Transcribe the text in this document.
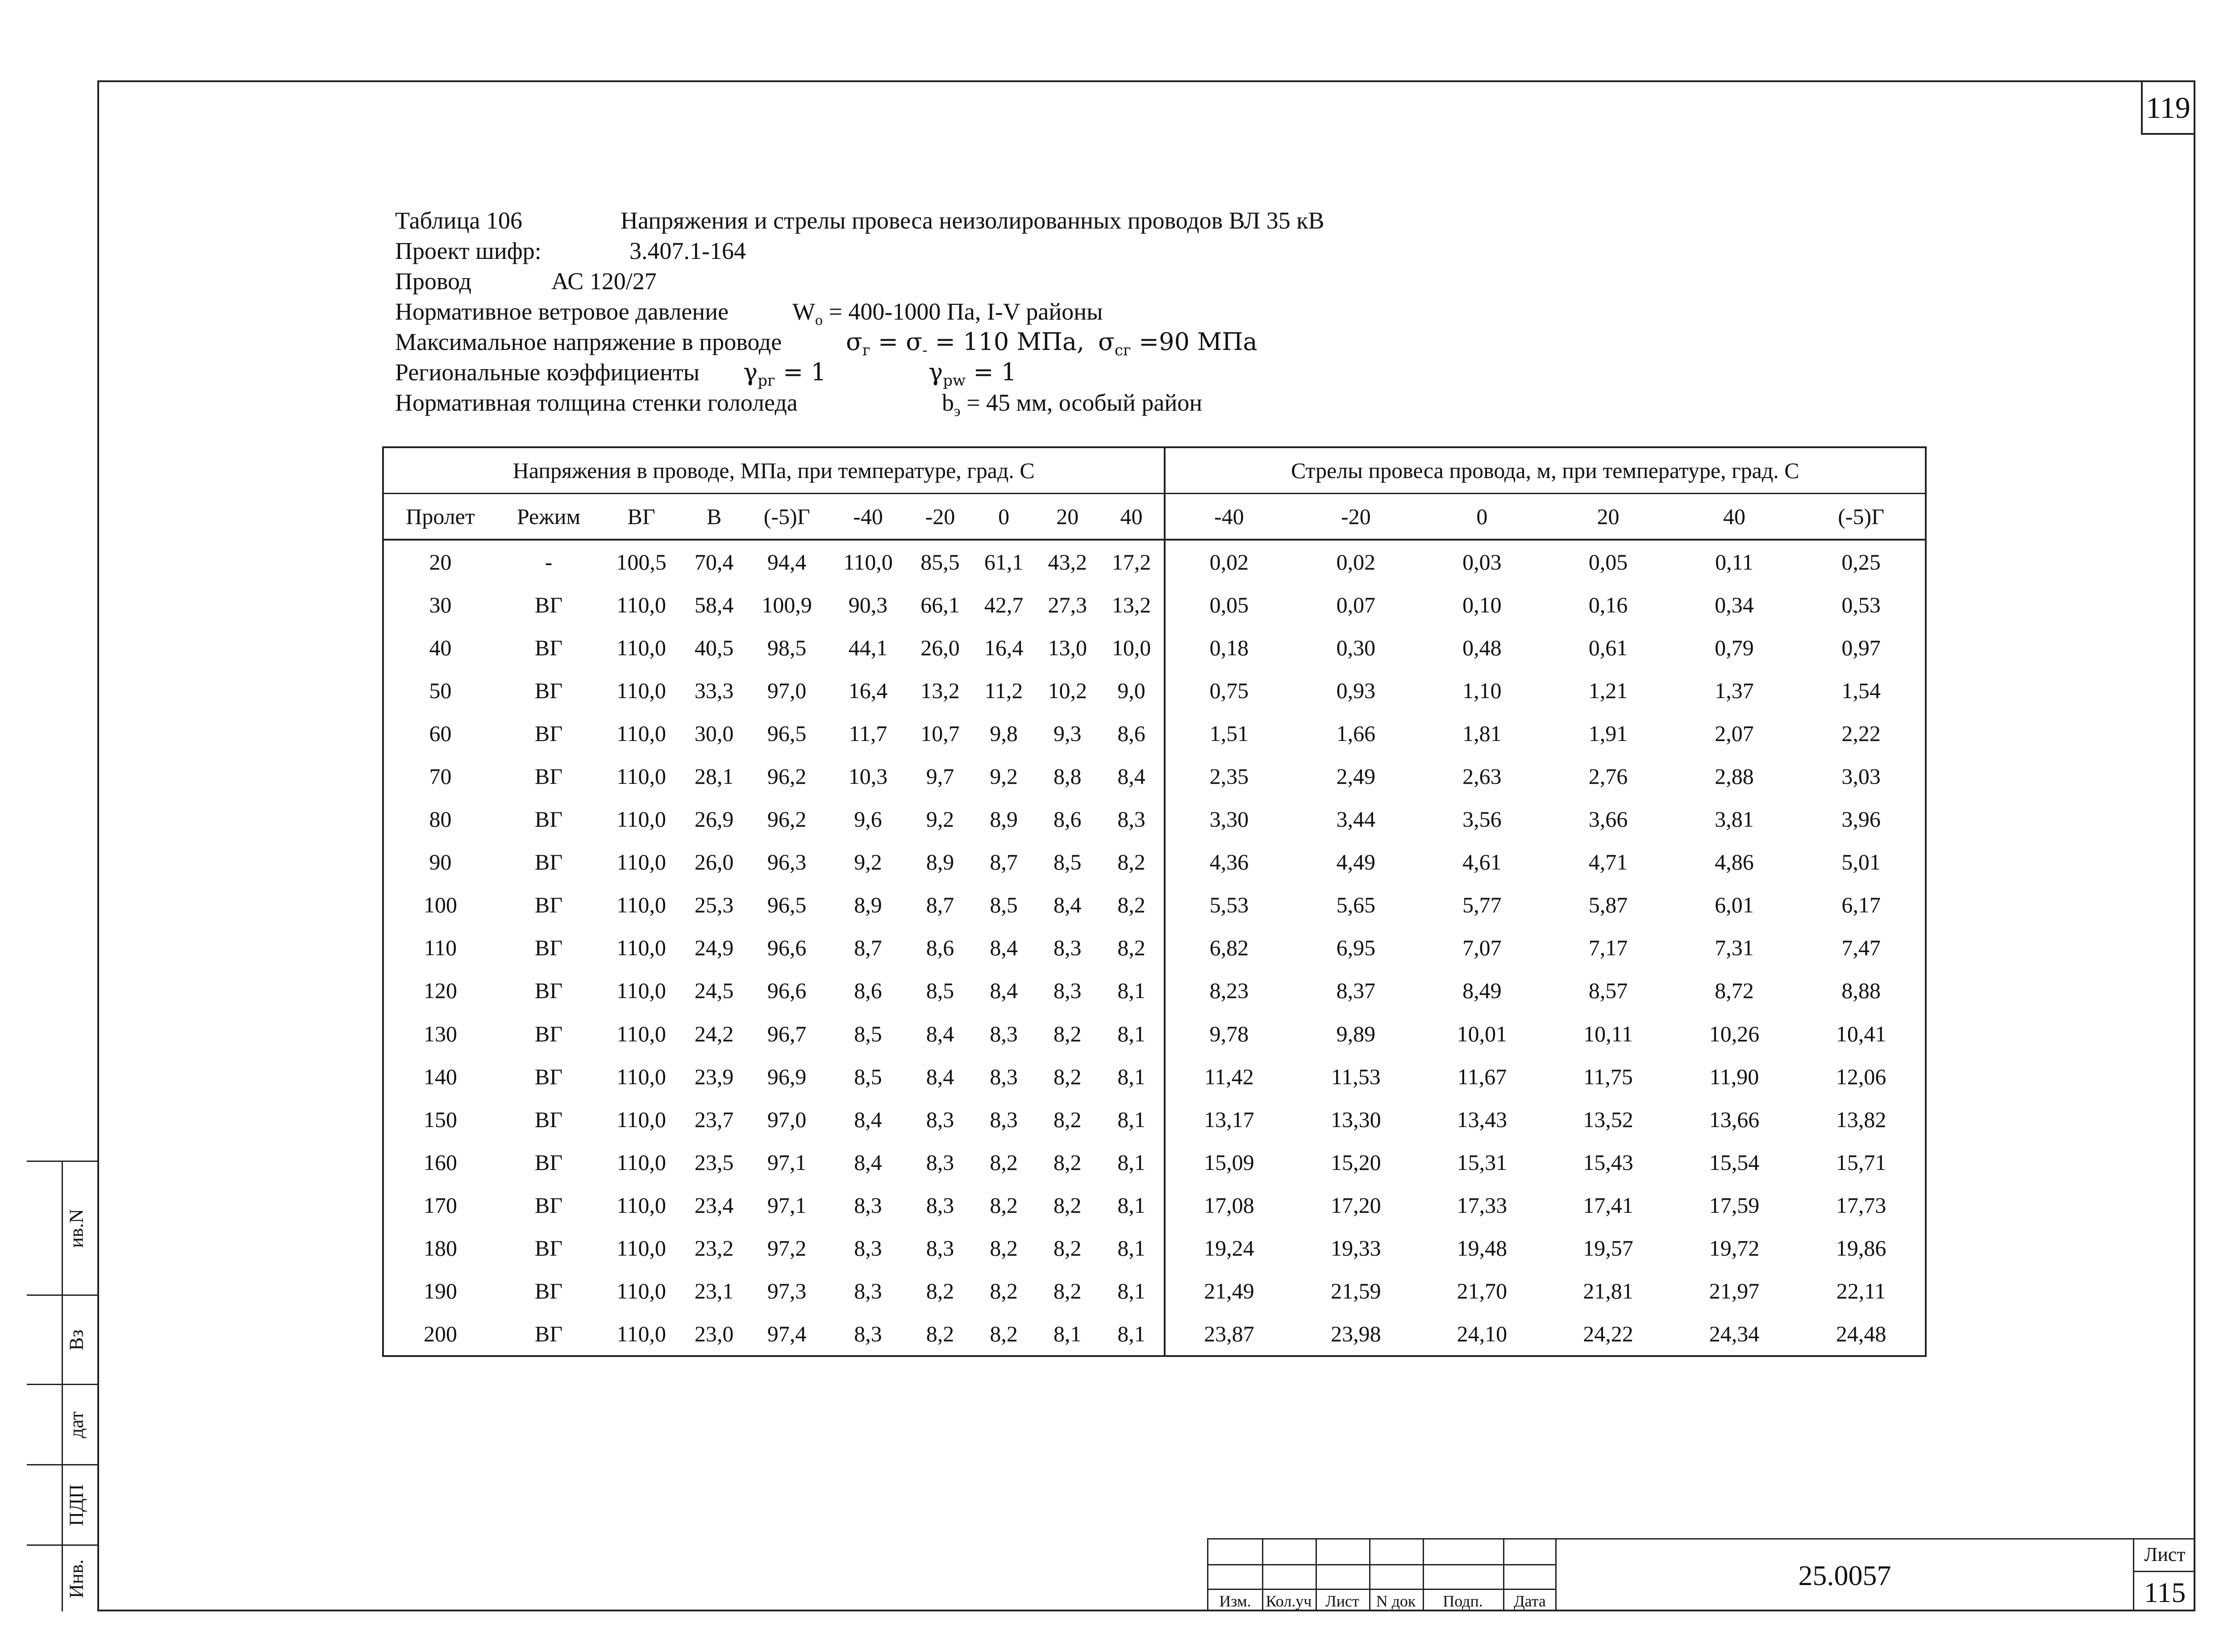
119
Таблица 106	Напряжения и стрелы провеса неизолированных проводов ВЛ 35 кВ
Проект шифр:	3.407.1-164
Провод	АС 120/27
Нормативное ветровое давление	$W_o = 400-1000$ Па, I-V районы
Максимальное напряжение в проводе	$\sigma_г = \sigma_- = 110$ МПа, $\sigma_{сг} =90$ МПа
Региональные коэффициенты $\gamma_{рг} = 1$	$\gamma_{pw} = 1$
Нормативная толщина стенки гололеда	$b_э = 45$ мм, особый район
Напряжения в проводе, МПа, при температуре, град. С										Стрелы провеса провода, м, при температуре, град. С					
Пролет	Режим	ВГ	В	(-5)Г	-40	-20	0	20	40	-40	-20	0	20	40	(-5)Г
20	-	100,5	70,4	94,4	110,0	85,5	61,1	43,2	17,2	0,02	0,02	0,03	0,05	0,11	0,25
30	ВГ	110,0	58,4	100,9	90,3	66,1	42,7	27,3	13,2	0,05	0,07	0,10	0,16	0,34	0,53
40	ВГ	110,0	40,5	98,5	44,1	26,0	16,4	13,0	10,0	0,18	0,30	0,48	0,61	0,79	0,97
50	ВГ	110,0	33,3	97,0	16,4	13,2	11,2	10,2	9,0	0,75	0,93	1,10	1,21	1,37	1,54
60	ВГ	110,0	30,0	96,5	11,7	10,7	9,8	9,3	8,6	1,51	1,66	1,81	1,91	2,07	2,22
70	ВГ	110,0	28,1	96,2	10,3	9,7	9,2	8,8	8,4	2,35	2,49	2,63	2,76	2,88	3,03
80	ВГ	110,0	26,9	96,2	9,6	9,2	8,9	8,6	8,3	3,30	3,44	3,56	3,66	3,81	3,96
90	ВГ	110,0	26,0	96,3	9,2	8,9	8,7	8,5	8,2	4,36	4,49	4,61	4,71	4,86	5,01
100	ВГ	110,0	25,3	96,5	8,9	8,7	8,5	8,4	8,2	5,53	5,65	5,77	5,87	6,01	6,17
110	ВГ	110,0	24,9	96,6	8,7	8,6	8,4	8,3	8,2	6,82	6,95	7,07	7,17	7,31	7,47
120	ВГ	110,0	24,5	96,6	8,6	8,5	8,4	8,3	8,1	8,23	8,37	8,49	8,57	8,72	8,88
130	ВГ	110,0	24,2	96,7	8,5	8,4	8,3	8,2	8,1	9,78	9,89	10,01	10,11	10,26	10,41
140	ВГ	110,0	23,9	96,9	8,5	8,4	8,3	8,2	8,1	11,42	11,53	11,67	11,75	11,90	12,06
150	ВГ	110,0	23,7	97,0	8,4	8,3	8,3	8,2	8,1	13,17	13,30	13,43	13,52	13,66	13,82
160	ВГ	110,0	23,5	97,1	8,4	8,3	8,2	8,2	8,1	15,09	15,20	15,31	15,43	15,54	15,71
170	ВГ	110,0	23,4	97,1	8,3	8,3	8,2	8,2	8,1	17,08	17,20	17,33	17,41	17,59	17,73
180	ВГ	110,0	23,2	97,2	8,3	8,3	8,2	8,2	8,1	19,24	19,33	19,48	19,57	19,72	19,86
190	ВГ	110,0	23,1	97,3	8,3	8,2	8,2	8,2	8,1	21,49	21,59	21,70	21,81	21,97	22,11
200	ВГ	110,0	23,0	97,4	8,3	8,2	8,2	8,1	8,1	23,87	23,98	24,10	24,22	24,34	24,48
ив.N
Вз
дат
ПДП
Инв.
Изм. Кол.уч Лист	N док	Подп.	Дата
25.0057
Лист
115
